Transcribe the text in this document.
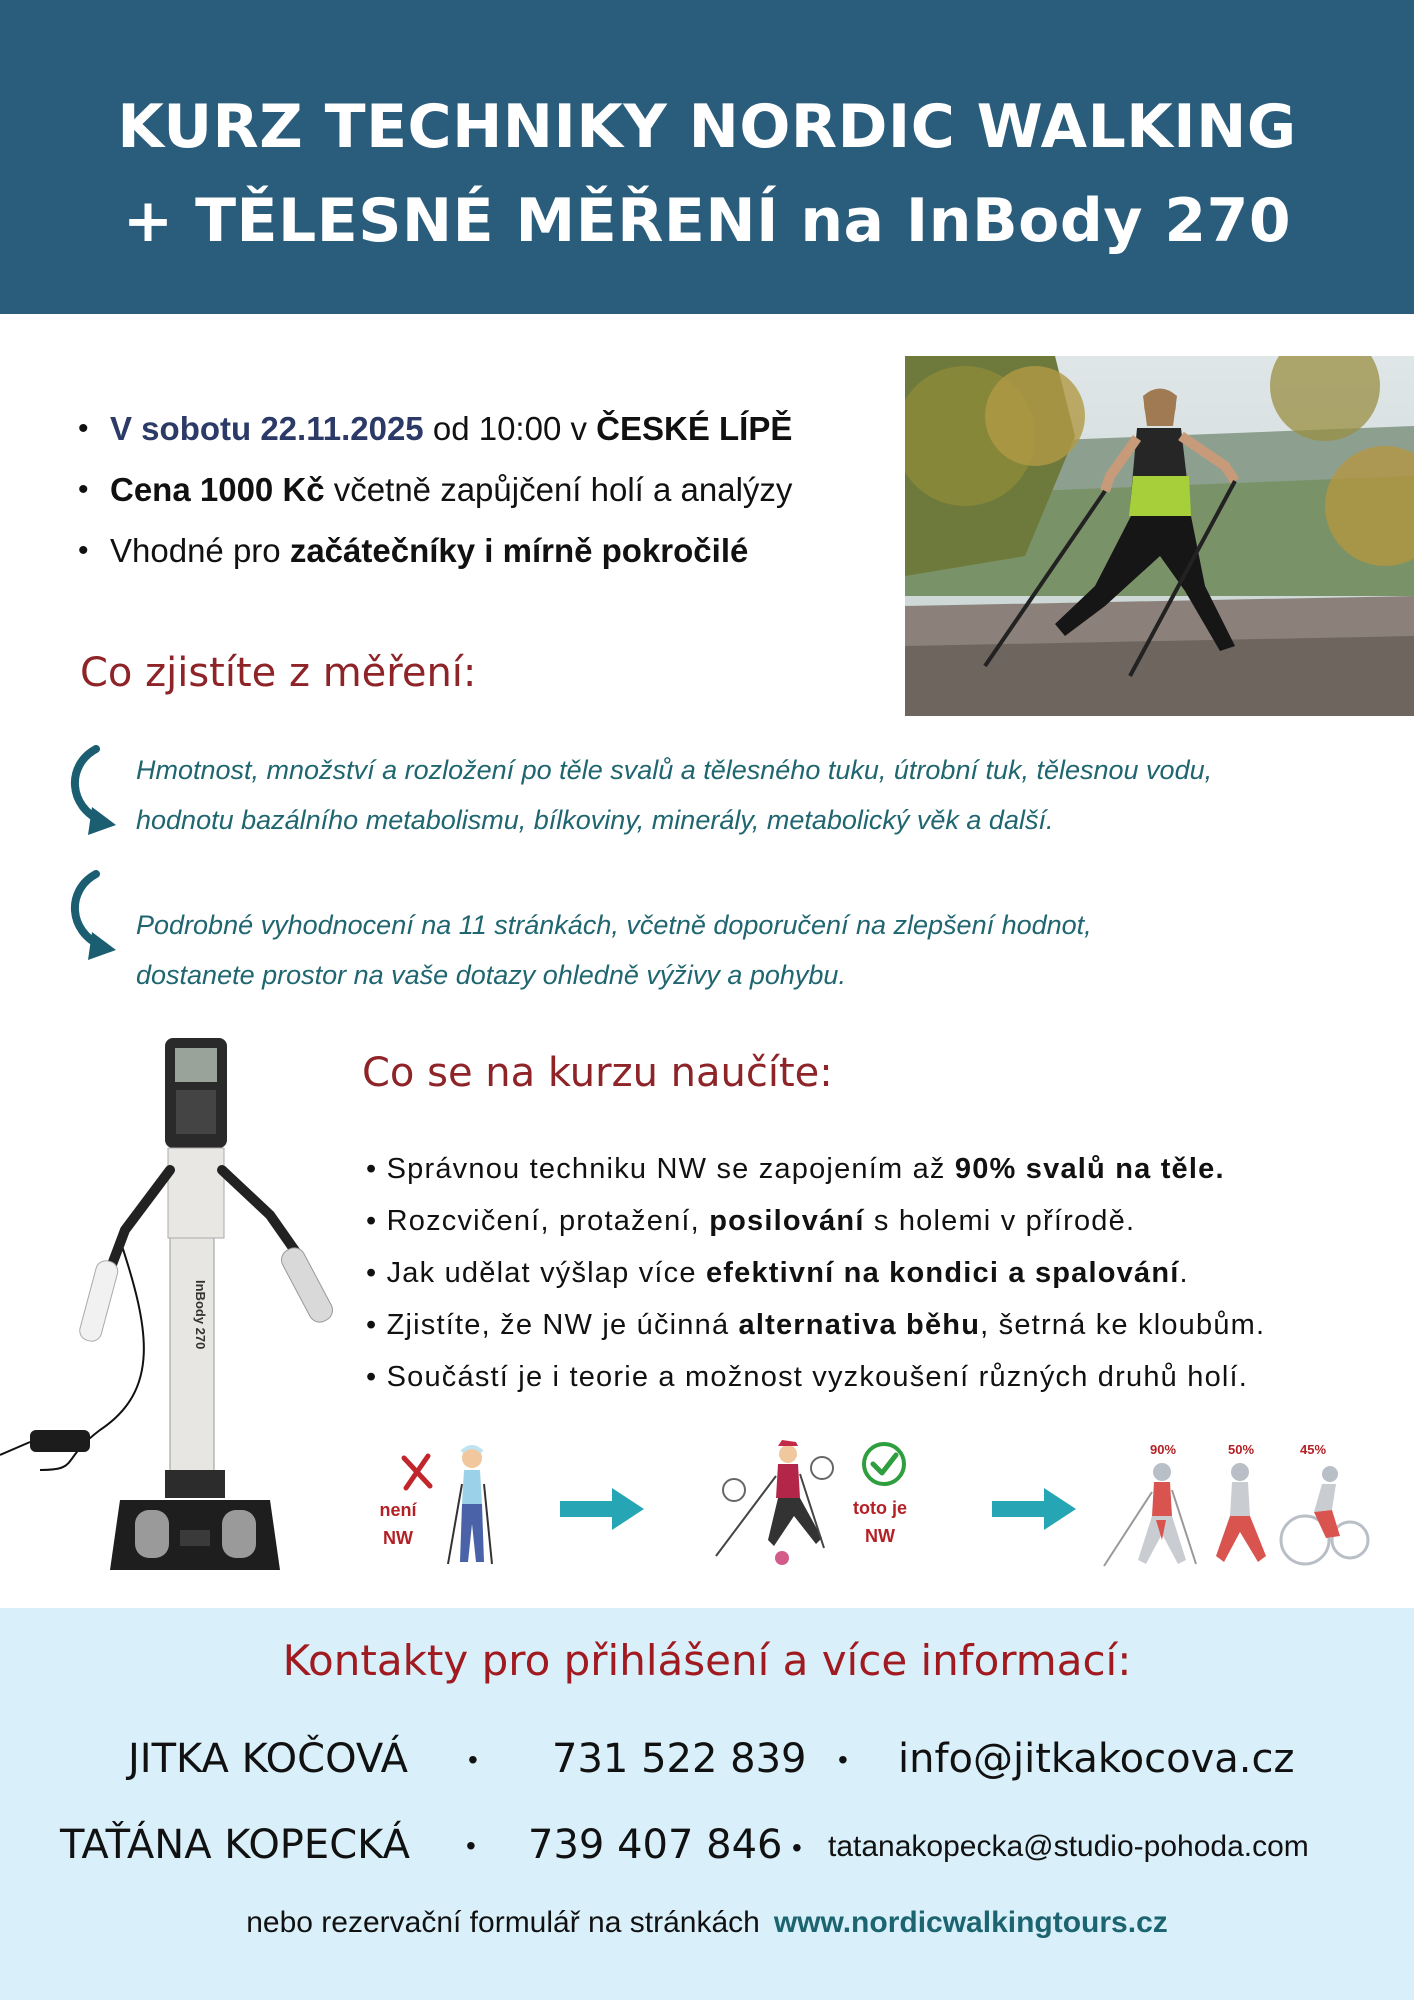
KURZ TECHNIKY NORDIC WALKING
+ TĚLESNÉ MĚŘENÍ na InBody 270
• V sobotu 22.11.2025 od 10:00 v ČESKÉ LÍPĚ
• Cena 1000 Kč včetně zapůjčení holí a analýzy
• Vhodné pro začátečníky i mírně pokročilé
Co zjistíte z měření:
Hmotnost, množství a rozložení po těle svalů a tělesného tuku, útrobní tuk, tělesnou vodu,
hodnotu bazálního metabolismu, bílkoviny, minerály, metabolický věk a další.
Podrobné vyhodnocení na 11 stránkách, včetně doporučení na zlepšení hodnot,
dostanete prostor na vaše dotazy ohledně výživy a pohybu.
InBody 270
Co se na kurzu naučíte:
• Správnou techniku NW se zapojením až 90% svalů na těle.
• Rozcvičení, protažení, posilování s holemi v přírodě.
• Jak udělat výšlap více efektivní na kondici a spalování.
• Zjistíte, že NW je účinná alternativa běhu, šetrná ke kloubům.
• Součástí je i teorie a možnost vyzkoušení různých druhů holí.
není
NW
toto je
NW
90%	50%	45%
Kontakty pro přihlášení a více informací:
JITKA KOČOVÁ • 731 522 839 • info@jitkakocova.cz
TAŤÁNA KOPECKÁ • 739 407 846 • tatanakopecka@studio-pohoda.com
nebo rezervační formulář na stránkách www.nordicwalkingtours.cz
